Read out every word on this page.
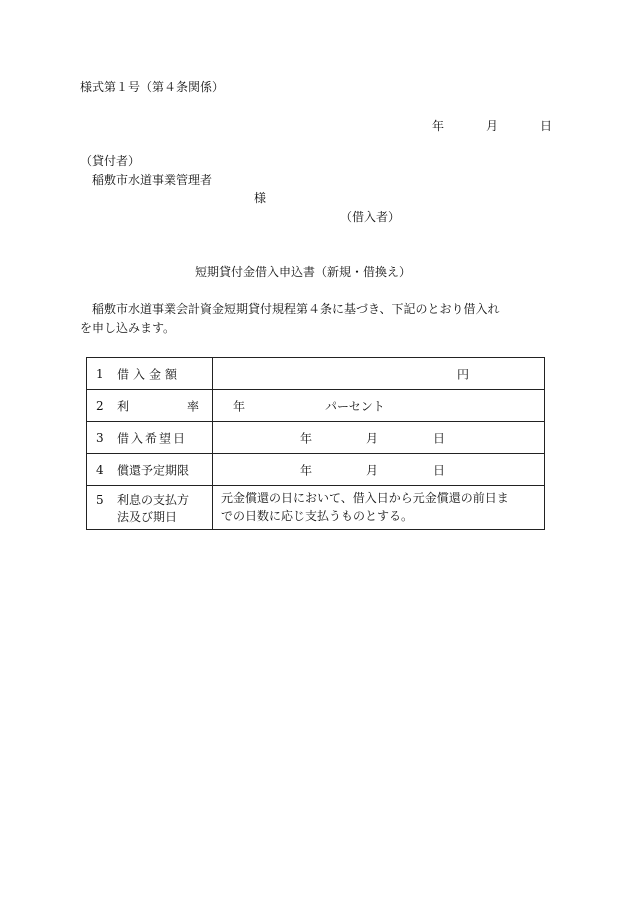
様式第１号（第４条関係）
年	月	日
（貸付者）
稲敷市水道事業管理者
様
（借入者）
短期貸付金借入申込書（新規・借換え）

稲敷市水道事業会計資金短期貸付規程第４条に基づき、下記のとおり借入れ

を申し込みます。

1 借入金額	円

2 利 率	年 パーセント

3 借入希望日	年 月 日

4 償還予定期限	年 月 日

5 利息の支払方
法及び期日	元金償還の日において、借入日から元金償還の前日ま
での日数に応じ支払うものとする。
